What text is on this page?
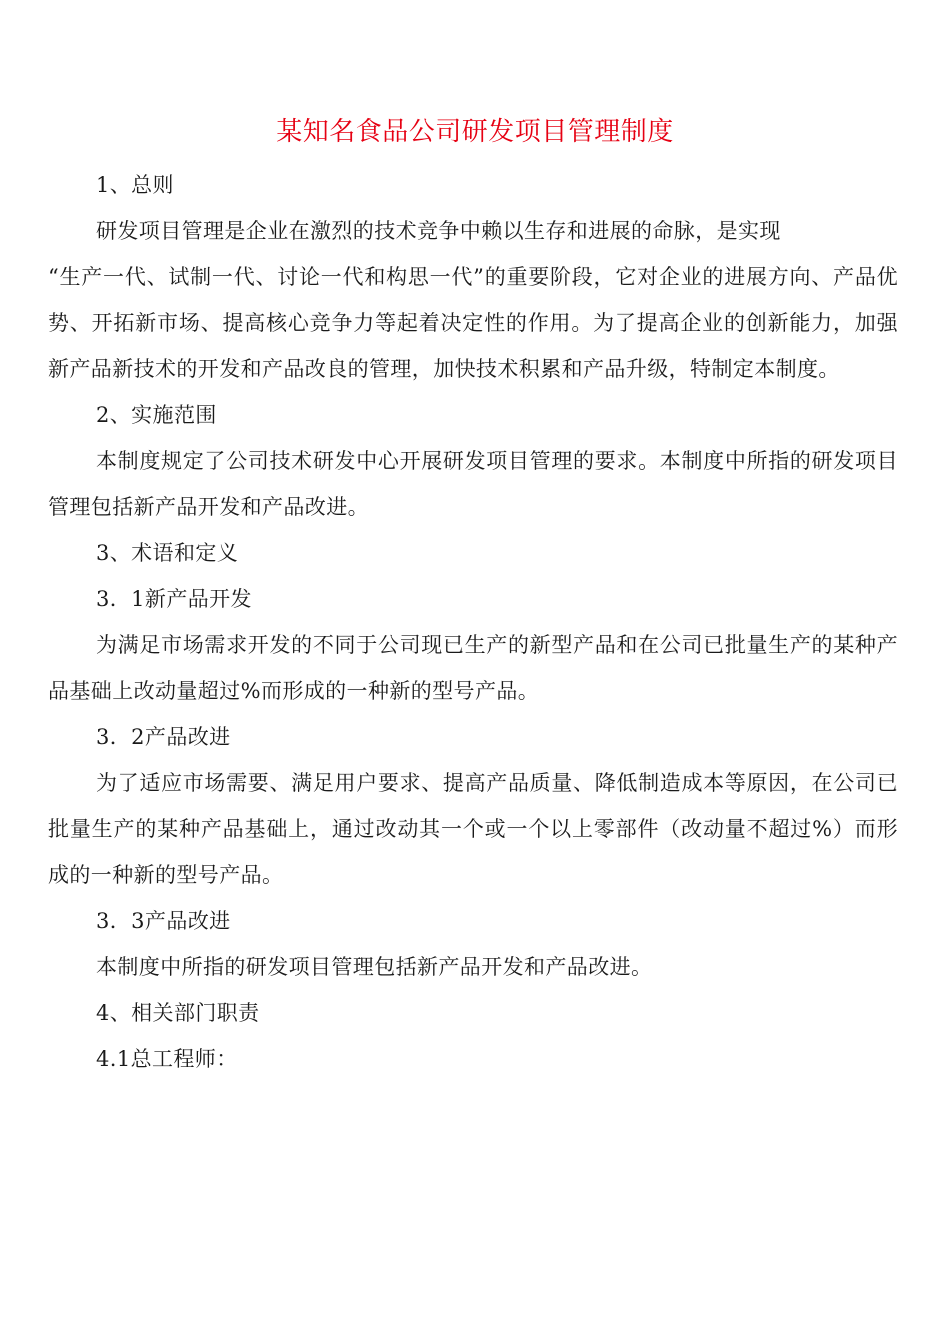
某知名食品公司研发项目管理制度

1、总则

研发项目管理是企业在激烈的技术竞争中赖以生存和进展的命脉，是实现

“生产一代、试制一代、讨论一代和构思一代”的重要阶段，它对企业的进展方向、产品优势、开拓新市场、提高核心竞争力等起着决定性的作用。为了提高企业的创新能力，加强新产品新技术的开发和产品改良的管理，加快技术积累和产品升级，特制定本制度。

2、实施范围

本制度规定了公司技术研发中心开展研发项目管理的要求。本制度中所指的研发项目管理包括新产品开发和产品改进。

3、术语和定义

3．1新产品开发

为满足市场需求开发的不同于公司现已生产的新型产品和在公司已批量生产的某种产品基础上改动量超过%而形成的一种新的型号产品。

3．2产品改进

为了适应市场需要、满足用户要求、提高产品质量、降低制造成本等原因，在公司已批量生产的某种产品基础上，通过改动其一个或一个以上零部件（改动量不超过%）而形成的一种新的型号产品。

3．3产品改进

本制度中所指的研发项目管理包括新产品开发和产品改进。

4、相关部门职责

4.1总工程师：
